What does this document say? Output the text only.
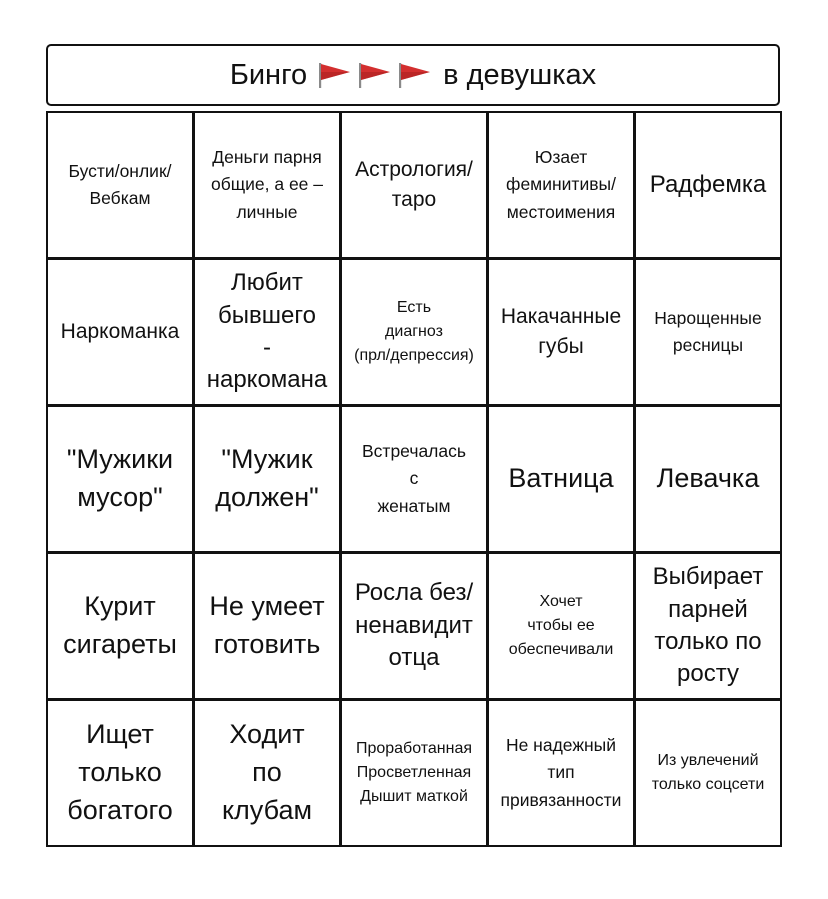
Бинго	в девушках
Бусти/онлик/
Вебкам
Деньги парня
общие, а ее –
личные
Астрология/
таро
Юзает
феминитивы/
местоимения
Радфемка
Наркоманка
Любит
бывшего
-
наркомана
Есть
диагноз
(прл/депрессия)
Накачанные
губы
Нарощенные
ресницы
"Мужики
мусор"
"Мужик
должен"
Встречалась
с
женатым
Ватница	Левачка
Курит
сигареты
Не умеет
готовить
Росла без/
ненавидит
отца
Хочет
чтобы ее
обеспечивали
Выбирает
парней
только по
росту
Ищет
только
богатого
Ходит
по
клубам
Проработанная
Просветленная
Дышит маткой
Не надежный
тип
привязанности
Из увлечений
только соцсети
